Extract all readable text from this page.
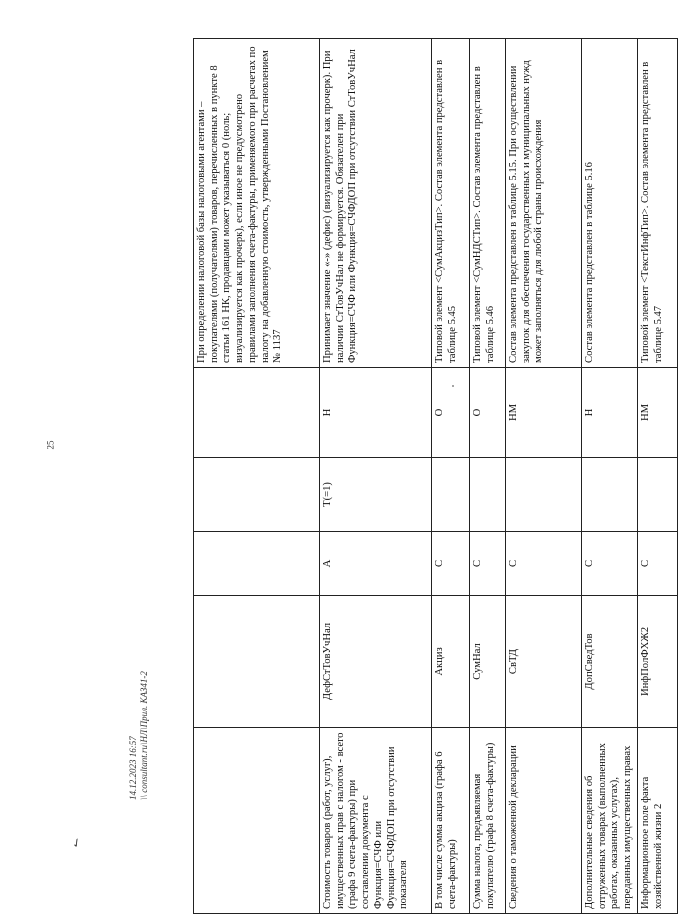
✓
25
14.12.2023 16:57 \\ consultant.ru\НЛ\Прил. КАЗ41-2
					При определении налоговой базы налоговыми агентами – покупателями (получателями) товаров, перечисленных в пункте 8 статьи 161 НК, продавцами может указываться 0 (ноль; визуализируется как прочерк), если иное не предусмотрено правилами заполнения счета-фактуры, применяемого при расчетах по налогу на добавленную стоимость, утвержденными Постановлением № 1137
Стоимость товаров (работ, услуг), имущественных прав с налогом - всего (графа 9 счета-фактуры) при составлении документа с Функция=СЧФ или Функция=СЧФДОП при отсутствии показателя	ДефСтТовУчНал	А	T(=1)	Н	Принимает значение «-» (дефис) (визуализируется как прочерк). При наличии СтТовУчНал не формируется. Обязателен при Функция=СЧФ или Функция=СЧФДОП при отсутствии СтТовУчНал
В том числе сумма акциза (графа 6 счета-фактуры)	Акциз	С		О	Типовой элемент <СумАкцизТип>. Состав элемента представлен в таблице 5.45
Сумма налога, предъявляемая покупателю (графа 8 счета-фактуры)	СумНал	С		О	Типовой элемент <СумНДСТип>. Состав элемента представлен в таблице 5.46
Сведения о таможенной декларации	СвТД	С		НМ	Состав элемента представлен в таблице 5.15. При осуществлении закупок для обеспечения государственных и муниципальных нужд может заполняться для любой страны происхождения
Дополнительные сведения об отгруженных товарах (выполненных работах, оказанных услугах), переданных имущественных правах	ДопСведТов	С		Н	Состав элемента представлен в таблице 5.16
Информационное поле факта хозяйственной жизни 2	ИнфПолФХЖ2	С		НМ	Типовой элемент <ТекстИнфТип>. Состав элемента представлен в таблице 5.47
